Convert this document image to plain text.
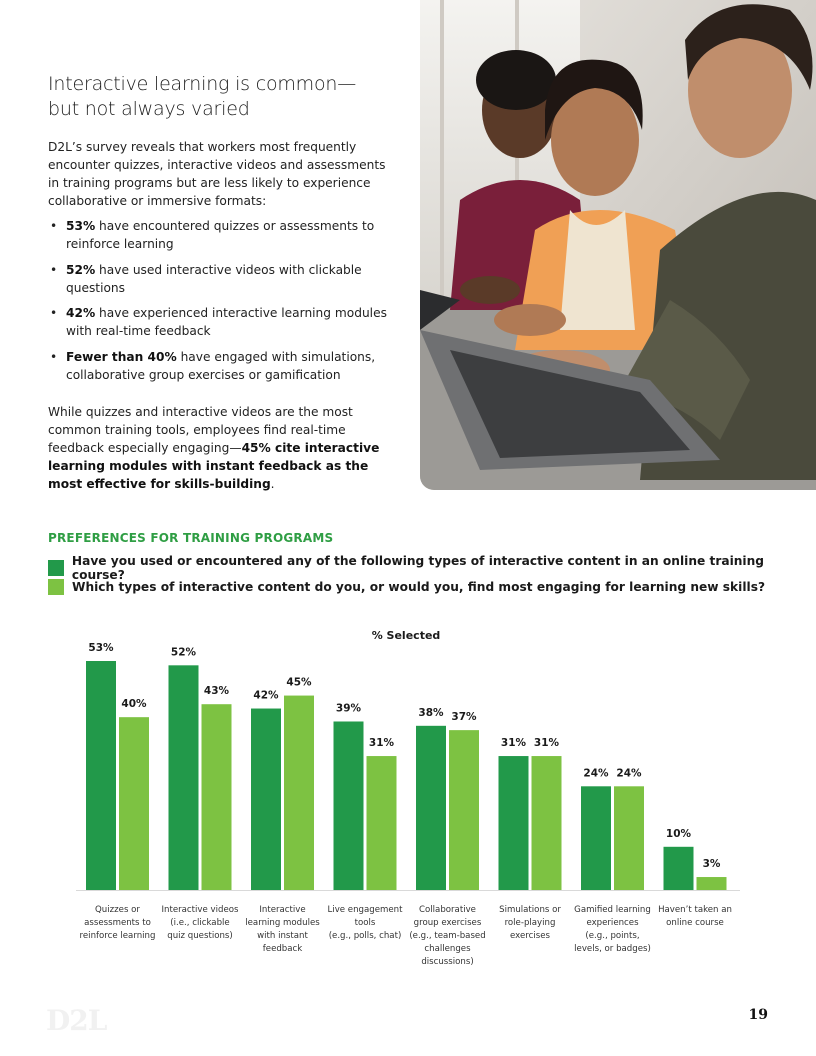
Interactive learning is common—
but not always varied

D2L’s survey reveals that workers most frequently encounter quizzes, interactive videos and assessments in training programs but are less likely to experience collaborative or immersive formats:

• 53% have encountered quizzes or assessments to reinforce learning
• 52% have used interactive videos with clickable questions
• 42% have experienced interactive learning modules with real-time feedback
• Fewer than 40% have engaged with simulations, collaborative group exercises or gamification

While quizzes and interactive videos are the most common training tools, employees find real-time feedback especially engaging—45% cite interactive learning modules with instant feedback as the most effective for skills-building.

PREFERENCES FOR TRAINING PROGRAMS
Have you used or encountered any of the following types of interactive content in an online training course?
Which types of interactive content do you, or would you, find most engaging for learning new skills?
% Selected
53%
40%
Quizzes or assessments to reinforce learning
52%
43%
Interactive videos (i.e., clickable quiz questions)
42%
45%
Interactive learning modules with instant feedback
39%
31%
Live engagement tools (e.g., polls, chat)
38% 37%
Collaborative group exercises (e.g., team-based challenges discussions)
31% 31%
Simulations or role-playing exercises
24% 24%
Gamified learning experiences (e.g., points, levels, or badges)
10%
3%
Haven’t taken an online course
D2L	19
